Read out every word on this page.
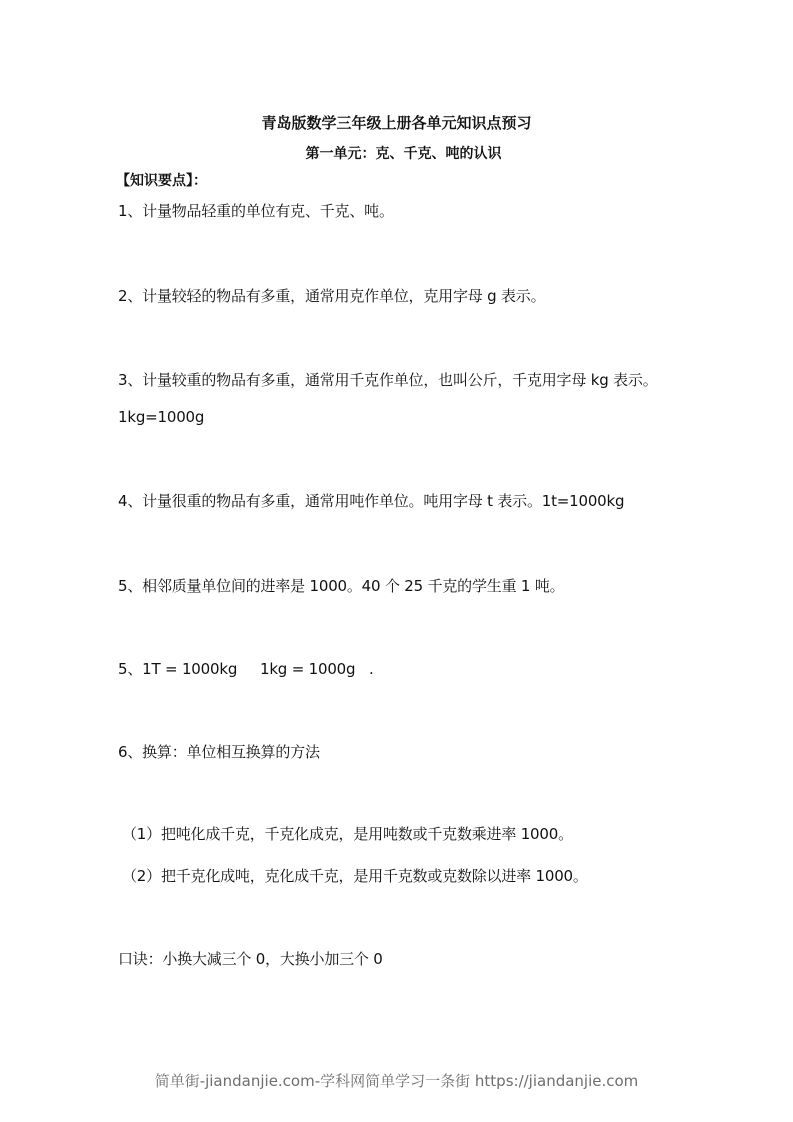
青岛版数学三年级上册各单元知识点预习
第一单元：克、千克、吨的认识
【知识要点】：
1、计量物品轻重的单位有克、千克、吨。
2、计量较轻的物品有多重，通常用克作单位，克用字母 g 表示。
3、计量较重的物品有多重，通常用千克作单位，也叫公斤，千克用字母 kg 表示。
1kg=1000g
4、计量很重的物品有多重，通常用吨作单位。吨用字母 t 表示。1t=1000kg
5、相邻质量单位间的进率是 1000。40 个 25 千克的学生重 1 吨。
5、1T = 1000kg     1kg = 1000g   .
6、换算：单位相互换算的方法
（1）把吨化成千克，千克化成克，是用吨数或千克数乘进率 1000。
（2）把千克化成吨，克化成千克，是用千克数或克数除以进率 1000。
口诀：小换大减三个 0，大换小加三个 0
简单街-jiandanjie.com-学科网简单学习一条街 https://jiandanjie.com
